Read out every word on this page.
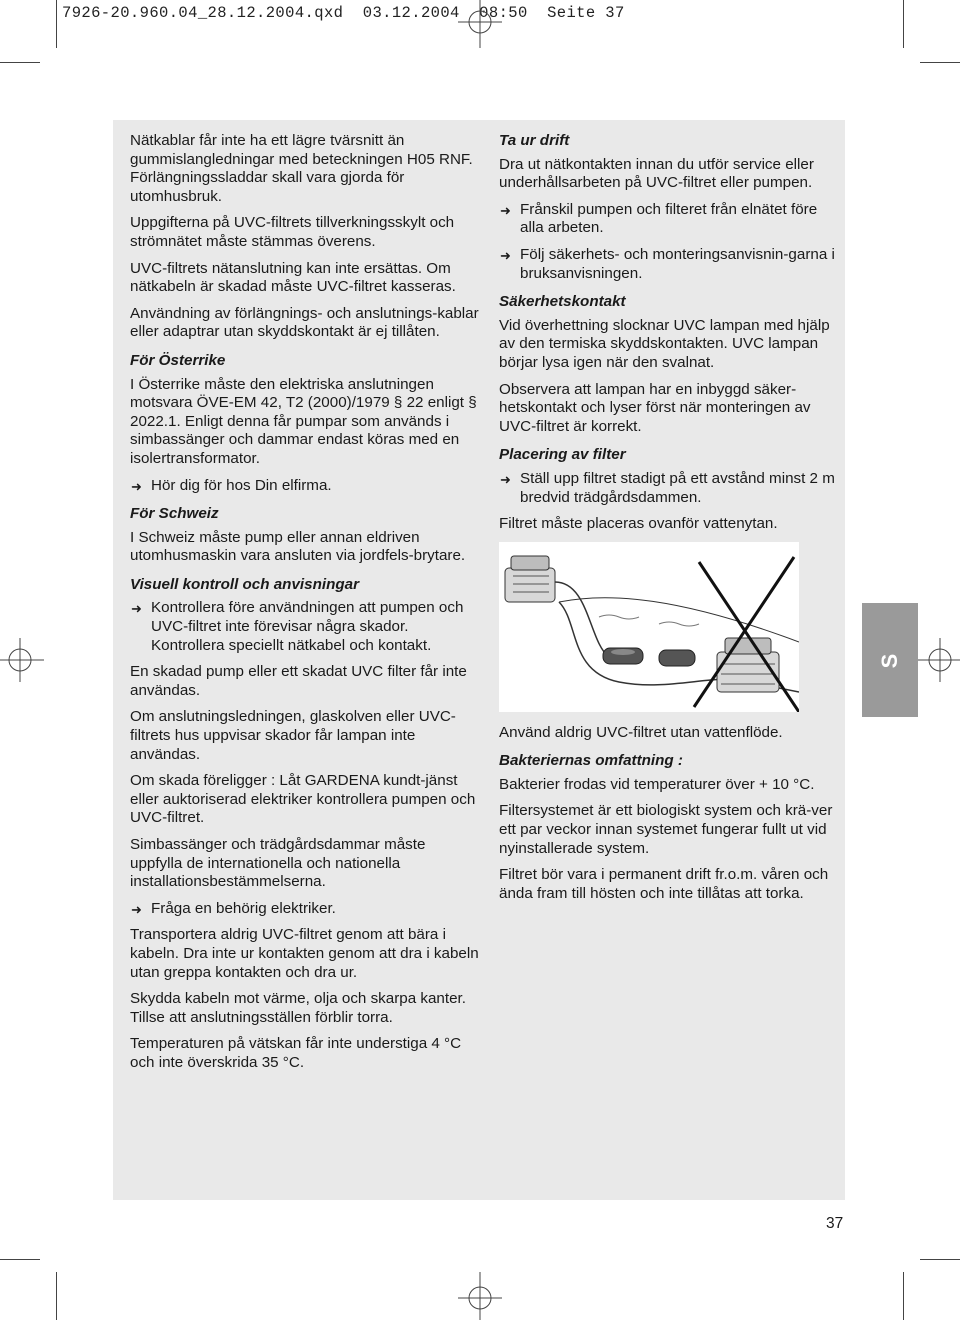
7926-20.960.04_28.12.2004.qxd  03.12.2004  08:50  Seite 37

Nätkablar får inte ha ett lägre tvärsnitt än gummislangledningar med beteckningen H05 RNF. Förlängningssladdar skall vara gjorda för utomhusbruk.

Uppgifterna på UVC-filtrets tillverkningsskylt och strömnätet måste stämmas överens.

UVC-filtrets nätanslutning kan inte ersättas. Om nätkabeln är skadad måste UVC-filtret kasseras.

Användning av förlängnings- och anslutnings-kablar eller adaptrar utan skyddskontakt är ej tillåten.

För Österrike

I Österrike måste den elektriska anslutningen motsvara ÖVE-EM 42, T2 (2000)/1979 § 22 enligt § 2022.1. Enligt denna får pumpar som används i simbassänger och dammar endast köras med en isolertransformator.

➜ Hör dig för hos Din elfirma.
För Schweiz

I Schweiz måste pump eller annan eldriven utomhusmaskin vara ansluten via jordfels-brytare.

Visuell kontroll och anvisningar
➜ Kontrollera före användningen att pumpen och UVC-filtret inte förevisar några skador. Kontrollera speciellt nätkabel och kontakt.

En skadad pump eller ett skadat UVC filter får inte användas.

Om anslutningsledningen, glaskolven eller UVC-filtrets hus uppvisar skador får lampan inte användas.

Om skada föreligger : Låt GARDENA kundt-jänst eller auktoriserad elektriker kontrollera pumpen och UVC-filtret.

Simbassänger och trädgårdsdammar måste uppfylla de internationella och nationella installationsbestämmelserna.

➜ Fråga en behörig elektriker.

Transportera aldrig UVC-filtret genom att bära i kabeln. Dra inte ur kontakten genom att dra i kabeln utan greppa kontakten och dra ur.

Skydda kabeln mot värme, olja och skarpa kanter. Tillse att anslutningsställen förblir torra.

Temperaturen på vätskan får inte understiga 4 °C och inte överskrida 35 °C.

Ta ur drift

Dra ut nätkontakten innan du utför service eller underhållsarbeten på UVC-filtret eller pumpen.

➜ Frånskil pumpen och filteret från elnätet före alla arbeten.
➜ Följ säkerhets- och monteringsanvisnin-garna i bruksanvisningen.
Säkerhetskontakt

Vid överhettning slocknar UVC lampan med hjälp av den termiska skyddskontakten. UVC lampan börjar lysa igen när den svalnat.

Observera att lampan har en inbyggd säker-hetskontakt och lyser först när monteringen av UVC-filtret är korrekt.

Placering av filter
➜ Ställ upp filtret stadigt på ett avstånd minst 2 m bredvid trädgårdsdammen.

Filtret måste placeras ovanför vattenytan.

Använd aldrig UVC-filtret utan vattenflöde.

Bakteriernas omfattning :

Bakterier frodas vid temperaturer över + 10 °C.

Filtersystemet är ett biologiskt system och krä-ver ett par veckor innan systemet fungerar fullt ut vid nyinstallerade system.

Filtret bör vara i permanent drift fr.o.m. våren och ända fram till hösten och inte tillåtas att torka.

S
37
